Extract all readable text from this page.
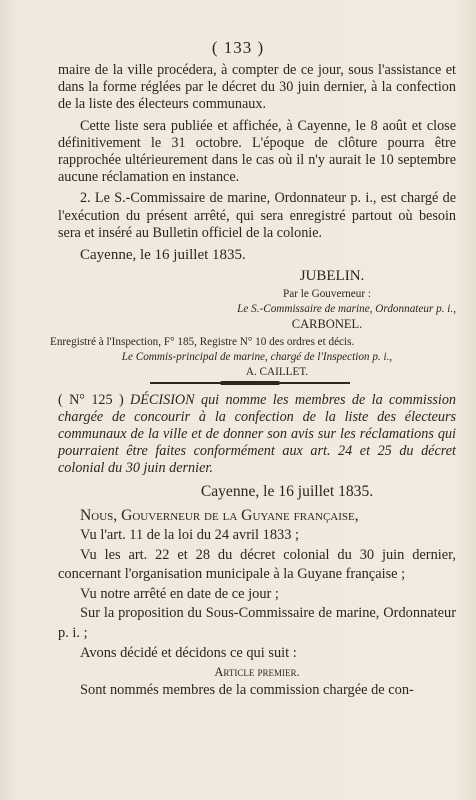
( 133 )

maire de la ville procédera, à compter de ce jour, sous l'assistance et dans la forme réglées par le décret du 30 juin dernier, à la confection de la liste des électeurs communaux.

Cette liste sera publiée et affichée, à Cayenne, le 8 août et close définitivement le 31 octobre. L'époque de clôture pourra être rapprochée ultérieurement dans le cas où il n'y aurait le 10 septembre aucune réclamation en instance.

2. Le S.-Commissaire de marine, Ordonnateur p. i., est chargé de l'exécution du présent arrêté, qui sera enregistré partout où besoin sera et inséré au Bulletin officiel de la colonie.

Cayenne, le 16 juillet 1835.

JUBELIN.

Par le Gouverneur :

Le S.-Commissaire de marine, Ordonnateur p. i.,

CARBONEL.

Enregistré à l'Inspection, F° 185, Registre N° 10 des ordres et décis.

Le Commis-principal de marine, chargé de l'Inspection p. i.,

A. CAILLET.

( N° 125 ) DÉCISION qui nomme les membres de la commission chargée de concourir à la confection de la liste des électeurs communaux de la ville et de donner son avis sur les réclamations qui pourraient être faites conformément aux art. 24 et 25 du décret colonial du 30 juin dernier.

Cayenne, le 16 juillet 1835.

Nous, Gouverneur de la Guyane française,

Vu l'art. 11 de la loi du 24 avril 1833 ;

Vu les art. 22 et 28 du décret colonial du 30 juin dernier, concernant l'organisation municipale à la Guyane française ;

Vu notre arrêté en date de ce jour ;

Sur la proposition du Sous-Commissaire de marine, Ordonnateur p. i. ;

Avons décidé et décidons ce qui suit :

Article premier.

Sont nommés membres de la commission chargée de con-
